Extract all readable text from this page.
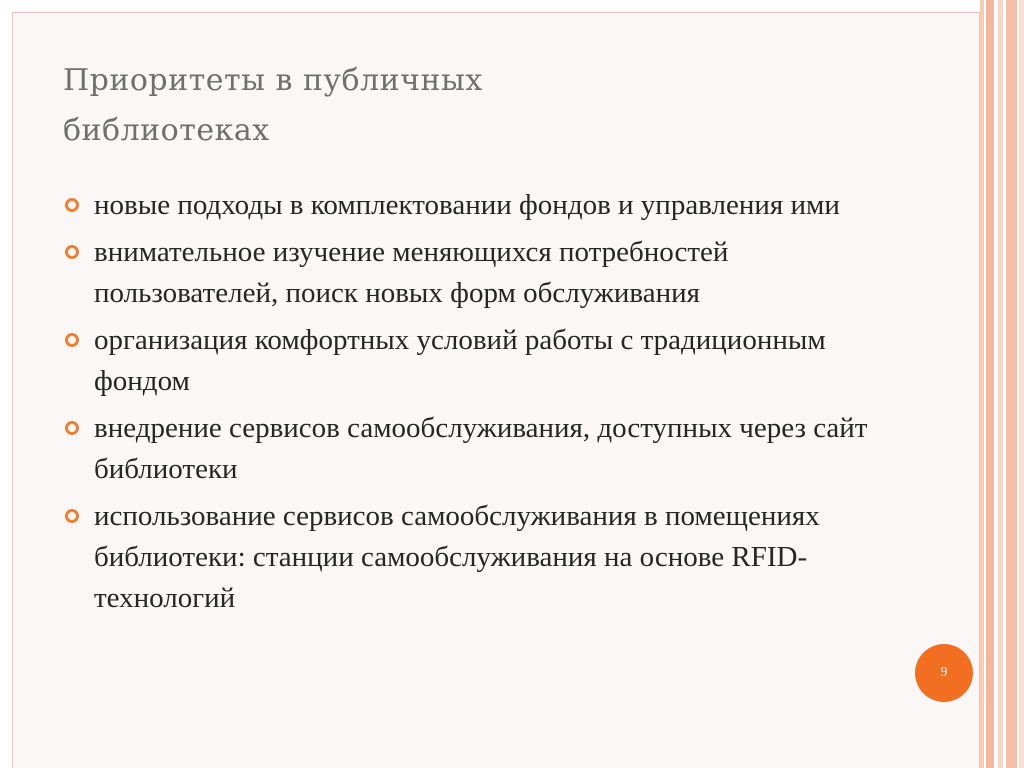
Приоритеты в публичных
библиотеках
новые подходы в комплектовании фондов и управления ими
внимательное изучение меняющихся потребностей пользователей, поиск новых форм обслуживания
организация комфортных условий работы с традиционным фондом
внедрение сервисов самообслуживания, доступных через сайт библиотеки
использование сервисов самообслуживания в помещениях библиотеки: станции самообслуживания на основе RFID-технологий
9
